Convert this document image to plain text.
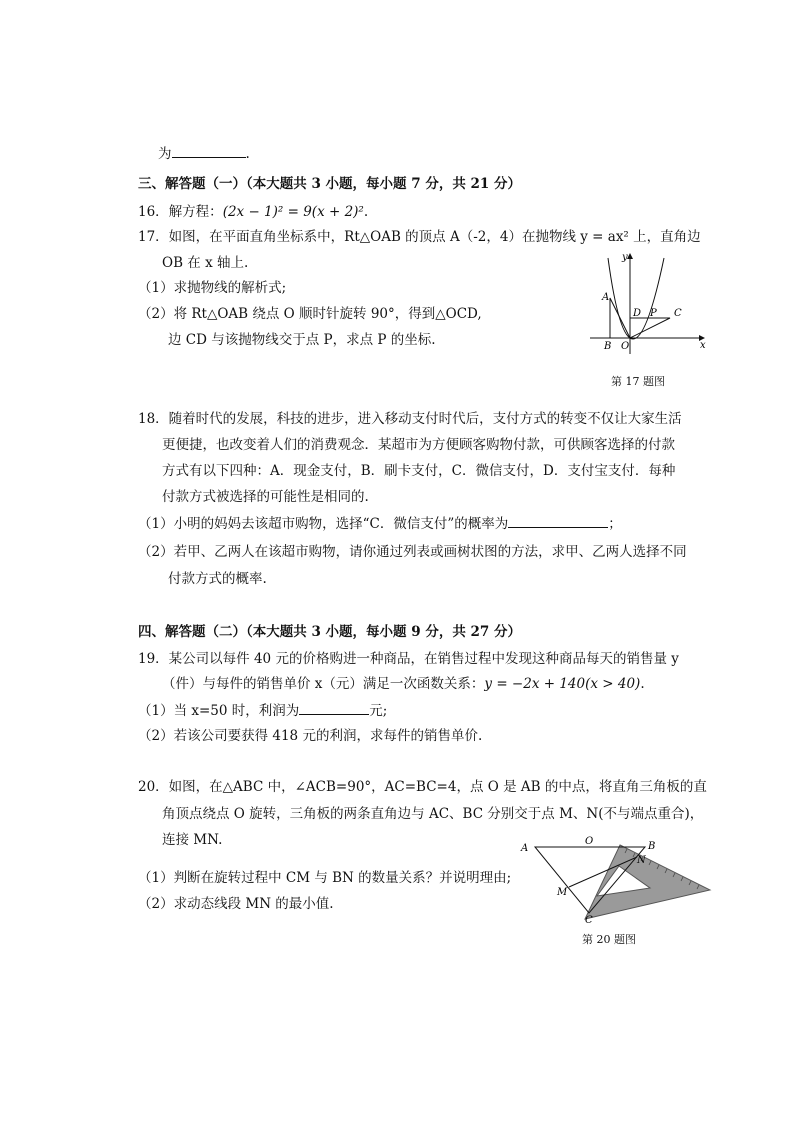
为	.
三、解答题（一）（本大题共 3 小题，每小题 7 分，共 21 分）
16．解方程：(2x − 1)² = 9(x + 2)².
17．如图，在平面直角坐标系中，Rt△OAB 的顶点 A（-2，4）在抛物线 y = ax² 上，直角边
OB 在 x 轴上.
（1）求抛物线的解析式;
（2）将 Rt△OAB 绕点 O 顺时针旋转 90°，得到△OCD,
边 CD 与该抛物线交于点 P，求点 P 的坐标.
y
x
A
D P C
B O
第 17 题图
18．随着时代的发展，科技的进步，进入移动支付时代后，支付方式的转变不仅让大家生活
更便捷，也改变着人们的消费观念．某超市为方便顾客购物付款，可供顾客选择的付款
方式有以下四种：A．现金支付，B．刷卡支付，C．微信支付，D．支付宝支付．每种
付款方式被选择的可能性是相同的.
（1）小明的妈妈去该超市购物，选择“C．微信支付”的概率为	；
（2）若甲、乙两人在该超市购物，请你通过列表或画树状图的方法，求甲、乙两人选择不同
付款方式的概率.
四、解答题（二）（本大题共 3 小题，每小题 9 分，共 27 分）
19．某公司以每件 40 元的价格购进一种商品，在销售过程中发现这种商品每天的销售量 y
（件）与每件的销售单价 x（元）满足一次函数关系：y = −2x + 140(x > 40).
（1）当 x=50 时，利润为	元;
（2）若该公司要获得 418 元的利润，求每件的销售单价.
20．如图，在△ABC 中，∠ACB=90°，AC=BC=4，点 O 是 AB 的中点，将直角三角板的直
角顶点绕点 O 旋转，三角板的两条直角边与 AC、BC 分别交于点 M、N(不与端点重合)，
连接 MN.
（1）判断在旋转过程中 CM 与 BN 的数量关系？并说明理由;
（2）求动态线段 MN 的最小值.
A
O	B
N
M
C
第 20 题图
